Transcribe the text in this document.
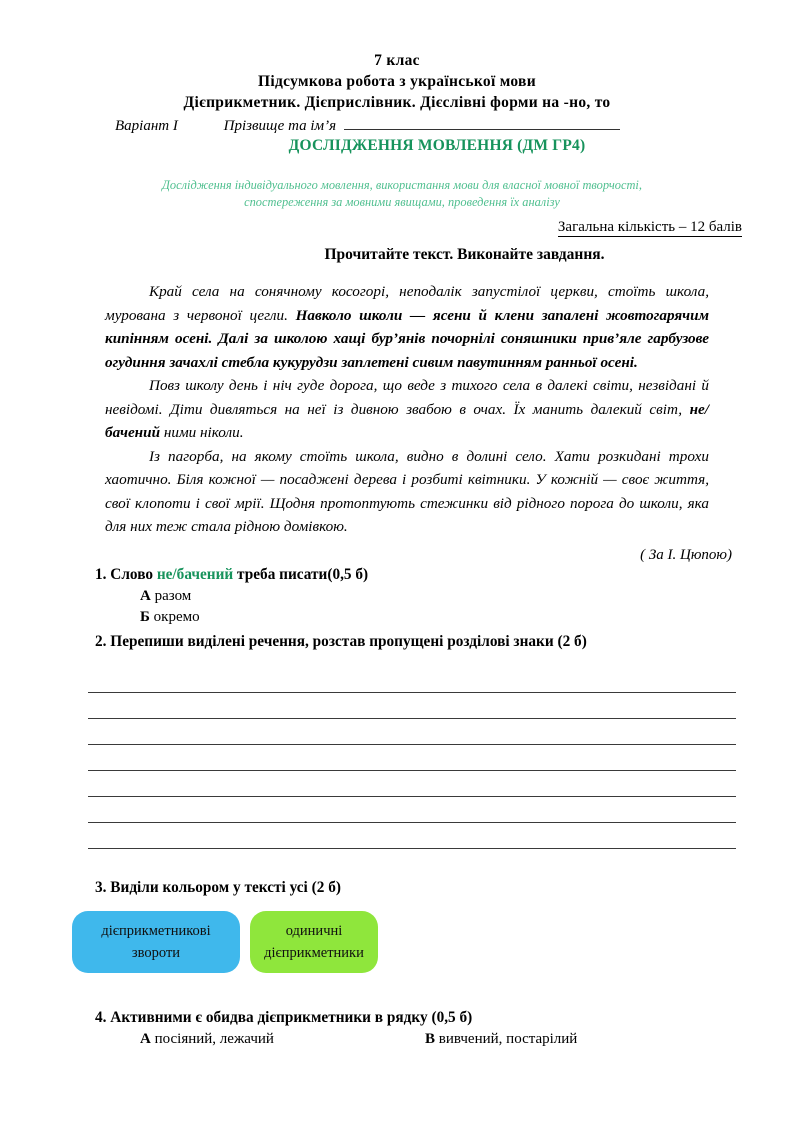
7 клас
Підсумкова робота з української мови
Дієприкметник. Дієприслівник. Дієслівні форми на -но, то
Варіант І	Прізвище та ім’я
ДОСЛІДЖЕННЯ МОВЛЕННЯ (ДМ ГР4)
Дослідження індивідуального мовлення, використання мови для власної мовної творчості, спостереження за мовними явищами, проведення їх аналізу
Загальна кількість – 12 балів
Прочитайте текст. Виконайте завдання.

Край села на сонячному косогорі, неподалік запустілої церкви, стоїть школа, мурована з червоної цегли. Навколо школи — ясени й клени запалені жовтогарячим кипінням осені. Далі за школою хащі бур’янів почорнілі соняшники прив’яле гарбузове огудиння зачахлі стебла кукурудзи заплетені сивим павутинням ранньої осені.

Повз школу день і ніч гуде дорога, що веде з тихого села в далекі світи, незвідані й невідомі. Діти дивляться на неї із дивною звабою в очах. Їх манить далекий світ, не/бачений ними ніколи.

Із пагорба, на якому стоїть школа, видно в долині село. Хати розкидані трохи хаотично. Біля кожної — посаджені дерева і розбиті квітники. У кожній — своє життя, свої клопоти і свої мрії. Щодня протоптують стежинки від рідного порога до школи, яка для них теж стала рідною домівкою.

( За І. Цюпою)
1. Слово не/бачений треба писати(0,5 б)
А разом
Б окремо
2. Перепиши виділені речення, розстав пропущені розділові знаки (2 б)
3. Виділи кольором у тексті усі (2 б)
дієприкметникові звороти
одиничні дієприкметники
4. Активними є обидва дієприкметники в рядку (0,5 б)
А посіяний, лежачий	В вивчений, постарілий
